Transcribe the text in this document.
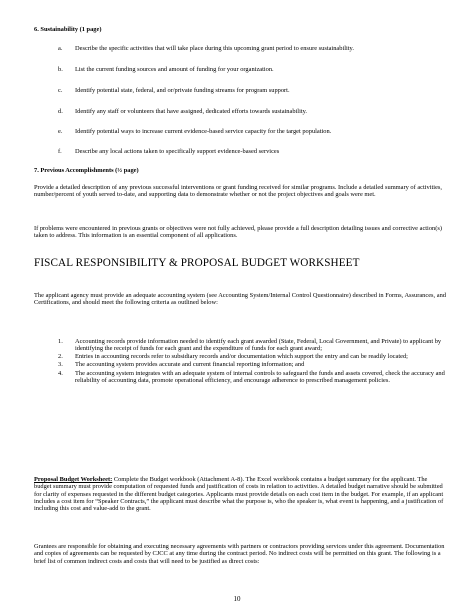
6. Sustainability (1 page)
a. Describe the specific activities that will take place during this upcoming grant period to ensure sustainability.
b. List the current funding sources and amount of funding for your organization.
c. Identify potential state, federal, and or/private funding streams for program support.
d. Identify any staff or volunteers that have assigned, dedicated efforts towards sustainability.
e. Identify potential ways to increase current evidence-based service capacity for the target population.
f. Describe any local actions taken to specifically support evidence-based services
7. Previous Accomplishments (½ page)

Provide a detailed description of any previous successful interventions or grant funding received for similar programs. Include a detailed summary of activities, number/percent of youth served to-date, and supporting data to demonstrate whether or not the project objectives and goals were met.

If problems were encountered in previous grants or objectives were not fully achieved, please provide a full description detailing issues and corrective action(s) taken to address. This information is an essential component of all applications.

FISCAL RESPONSIBILITY & PROPOSAL BUDGET WORKSHEET

The applicant agency must provide an adequate accounting system (see Accounting System/Internal Control Questionnaire) described in Forms, Assurances, and Certifications, and should meet the following criteria as outlined below:

1. Accounting records provide information needed to identify each grant awarded (State, Federal, Local Government, and Private) to applicant by identifying the receipt of funds for each grant and the expenditure of funds for each grant award;
2. Entries in accounting records refer to subsidiary records and/or documentation which support the entry and can be readily located;
3. The accounting system provides accurate and current financial reporting information; and
4. The accounting system integrates with an adequate system of internal controls to safeguard the funds and assets covered, check the accuracy and reliability of accounting data, promote operational efficiency, and encourage adherence to prescribed management policies.

Proposal Budget Worksheet: Complete the Budget workbook (Attachment A-8). The Excel workbook contains a budget summary for the applicant. The budget summary must provide computation of requested funds and justification of costs in relation to activities. A detailed budget narrative should be submitted for clarity of expenses requested in the different budget categories. Applicants must provide details on each cost item in the budget. For example, if an applicant includes a cost item for “Speaker Contracts,” the applicant must describe what the purpose is, who the speaker is, what event is happening, and a justification of including this cost and value-add to the grant.

Grantees are responsible for obtaining and executing necessary agreements with partners or contractors providing services under this agreement. Documentation and copies of agreements can be requested by CJCC at any time during the contract period. No indirect costs will be permitted on this grant. The following is a brief list of common indirect costs and costs that will need to be justified as direct costs:

10
